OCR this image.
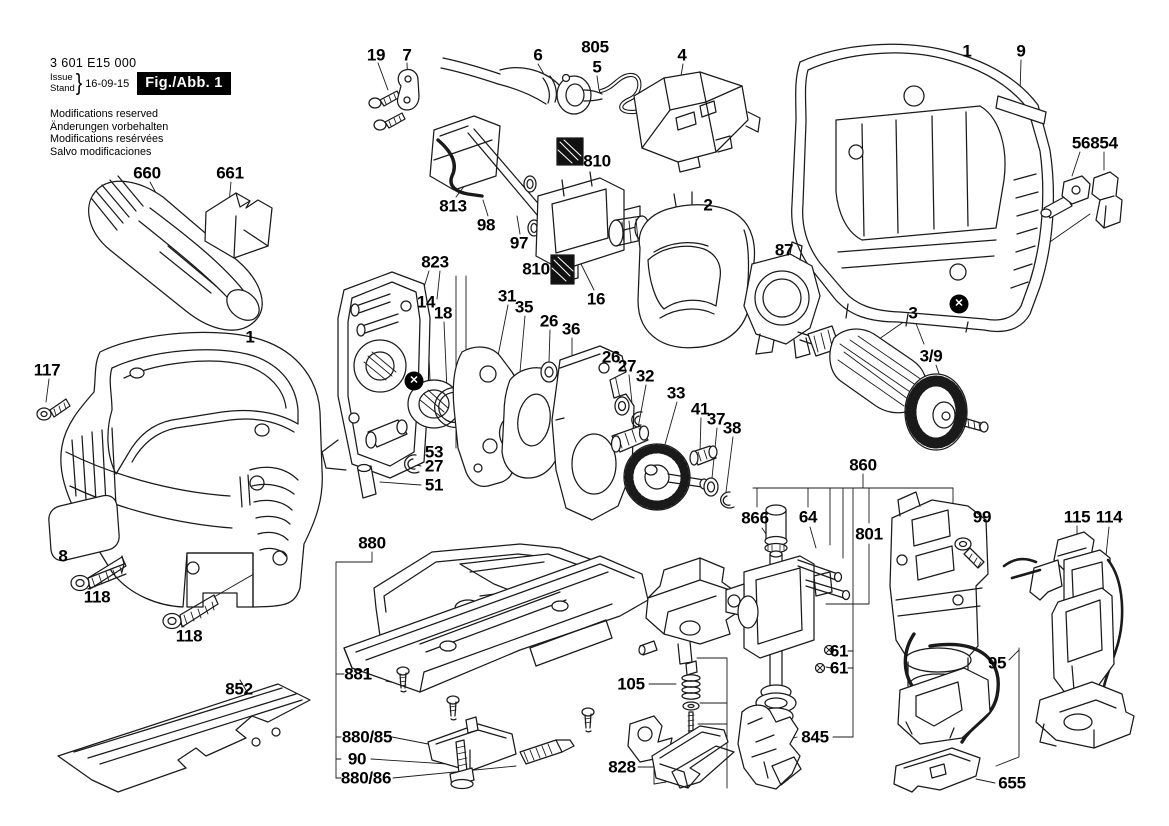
3 601 E15 000
Issue
Stand } 16-09-15	Fig./Abb. 1
Modifications reserved
Änderungen vorbehalten
Modifications resérvées
Salvo modificaciones
19 7	6 805
5
4	1	9
56 854
660	661
813
98
97
810
810
16
2
87
823
14
18
31
35
26 36
26
27
32
33
41
37
38
3
3/9
117
1
53
27
51
8
118
118
852
880
881
880/85
90
880/86
105
828
860
866 64
801
61
61
845
99
95
655
115 114
✕
✕
